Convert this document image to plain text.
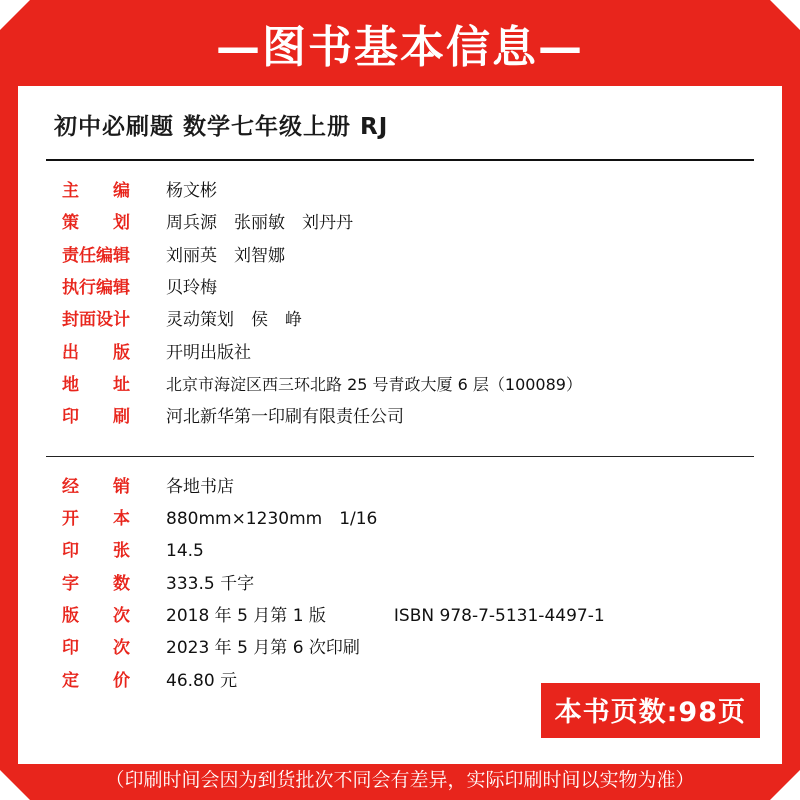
—图书基本信息—
初中必刷题 数学七年级上册 RJ
主　　编	杨文彬
策　　划	周兵源　张丽敏　刘丹丹
责任编辑	刘丽英　刘智娜
执行编辑	贝玲梅
封面设计	灵动策划　侯　峥
出　　版	开明出版社
地　　址	北京市海淀区西三环北路 25 号青政大厦 6 层（100089）
印　　刷	河北新华第一印刷有限责任公司
经　　销	各地书店
开　　本	880mm×1230mm　1/16
印　　张	14.5
字　　数	333.5 千字
版　　次	2018 年 5 月第 1 版	ISBN 978-7-5131-4497-1
印　　次	2023 年 5 月第 6 次印刷
定　　价	46.80 元
本书页数:98页
（印刷时间会因为到货批次不同会有差异，实际印刷时间以实物为准）
